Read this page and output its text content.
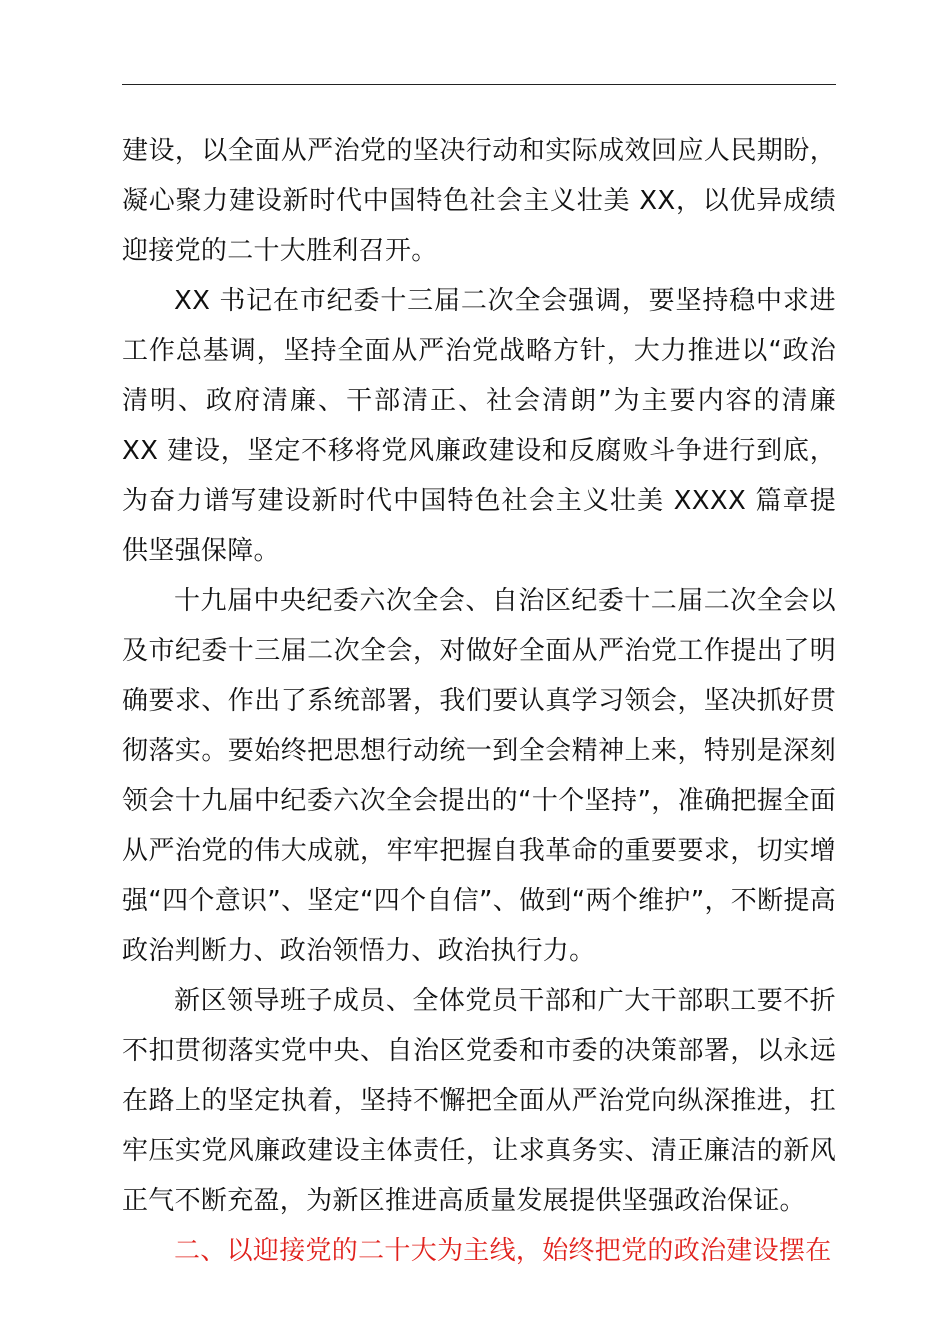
建设，以全面从严治党的坚决行动和实际成效回应人民期盼，凝心聚力建设新时代中国特色社会主义壮美 XX，以优异成绩迎接党的二十大胜利召开。

XX 书记在市纪委十三届二次全会强调，要坚持稳中求进工作总基调，坚持全面从严治党战略方针，大力推进以“政治清明、政府清廉、干部清正、社会清朗”为主要内容的清廉 XX 建设，坚定不移将党风廉政建设和反腐败斗争进行到底，为奋力谱写建设新时代中国特色社会主义壮美 XXXX 篇章提供坚强保障。

十九届中央纪委六次全会、自治区纪委十二届二次全会以及市纪委十三届二次全会，对做好全面从严治党工作提出了明确要求、作出了系统部署，我们要认真学习领会，坚决抓好贯彻落实。要始终把思想行动统一到全会精神上来，特别是深刻领会十九届中纪委六次全会提出的“十个坚持”，准确把握全面从严治党的伟大成就，牢牢把握自我革命的重要要求，切实增强“四个意识”、坚定“四个自信”、做到“两个维护”，不断提高政治判断力、政治领悟力、政治执行力。

新区领导班子成员、全体党员干部和广大干部职工要不折不扣贯彻落实党中央、自治区党委和市委的决策部署，以永远在路上的坚定执着，坚持不懈把全面从严治党向纵深推进，扛牢压实党风廉政建设主体责任，让求真务实、清正廉洁的新风正气不断充盈，为新区推进高质量发展提供坚强政治保证。

二、以迎接党的二十大为主线，始终把党的政治建设摆在
